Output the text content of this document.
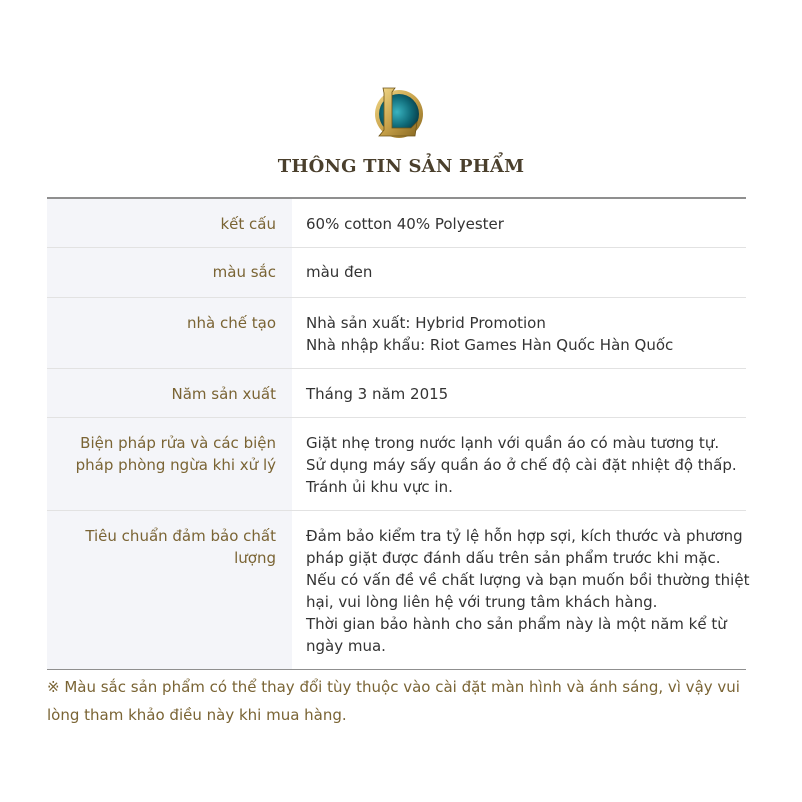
THÔNG TIN SẢN PHẨM
kết cấu 60% cotton 40% Polyester
màu sắc màu đen
nhà chế tạo Nhà sản xuất: Hybrid Promotion
Nhà nhập khẩu: Riot Games Hàn Quốc Hàn Quốc
Năm sản xuất Tháng 3 năm 2015
Biện pháp rửa và các biện
pháp phòng ngừa khi xử lý
Giặt nhẹ trong nước lạnh với quần áo có màu tương tự.
Sử dụng máy sấy quần áo ở chế độ cài đặt nhiệt độ thấp.
Tránh ủi khu vực in.
Tiêu chuẩn đảm bảo chất
lượng
Đảm bảo kiểm tra tỷ lệ hỗn hợp sợi, kích thước và phương
pháp giặt được đánh dấu trên sản phẩm trước khi mặc.
Nếu có vấn đề về chất lượng và bạn muốn bồi thường thiệt
hại, vui lòng liên hệ với trung tâm khách hàng.
Thời gian bảo hành cho sản phẩm này là một năm kể từ
ngày mua.
※ Màu sắc sản phẩm có thể thay đổi tùy thuộc vào cài đặt màn hình và ánh sáng, vì vậy vui
lòng tham khảo điều này khi mua hàng.
